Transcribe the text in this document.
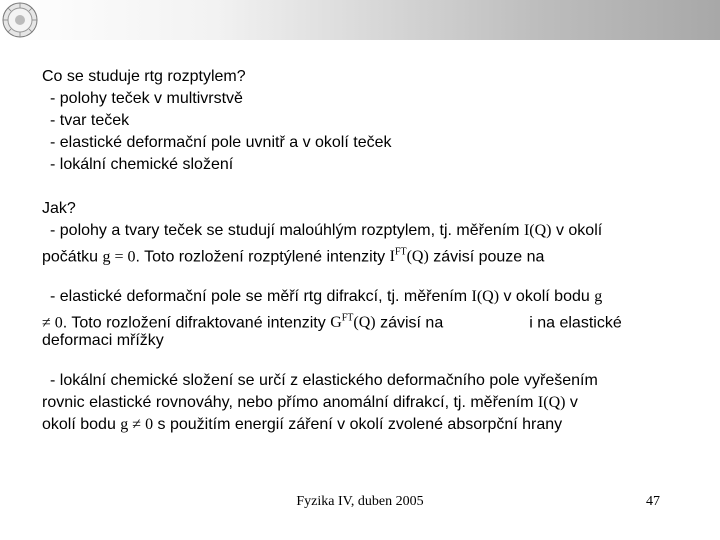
Co se studuje rtg rozptylem?
- polohy teček v multivrstvě
- tvar teček
- elastické deformační pole uvnitř a v okolí teček
- lokální chemické složení
Jak?
- polohy a tvary teček se studují maloúhlým rozptylem, tj. měřením I(Q) v okolí
počátku g = 0. Toto rozložení rozptýlené intenzity $I^{FT}(Q)$ závisí pouze na
- elastické deformační pole se měří rtg difrakcí, tj. měřením I(Q) v okolí bodu g
≠ 0. Toto rozložení difraktované intenzity $G^{FT}(Q)$ závisí na	i na elastické
deformaci mřížky
- lokální chemické složení se určí z elastického deformačního pole vyřešením
rovnic elastické rovnováhy, nebo přímo anomální difrakcí, tj. měřením I(Q) v
okolí bodu g ≠ 0 s použitím energií záření v okolí zvolené absorpční hrany
Fyzika IV, duben 2005	47
